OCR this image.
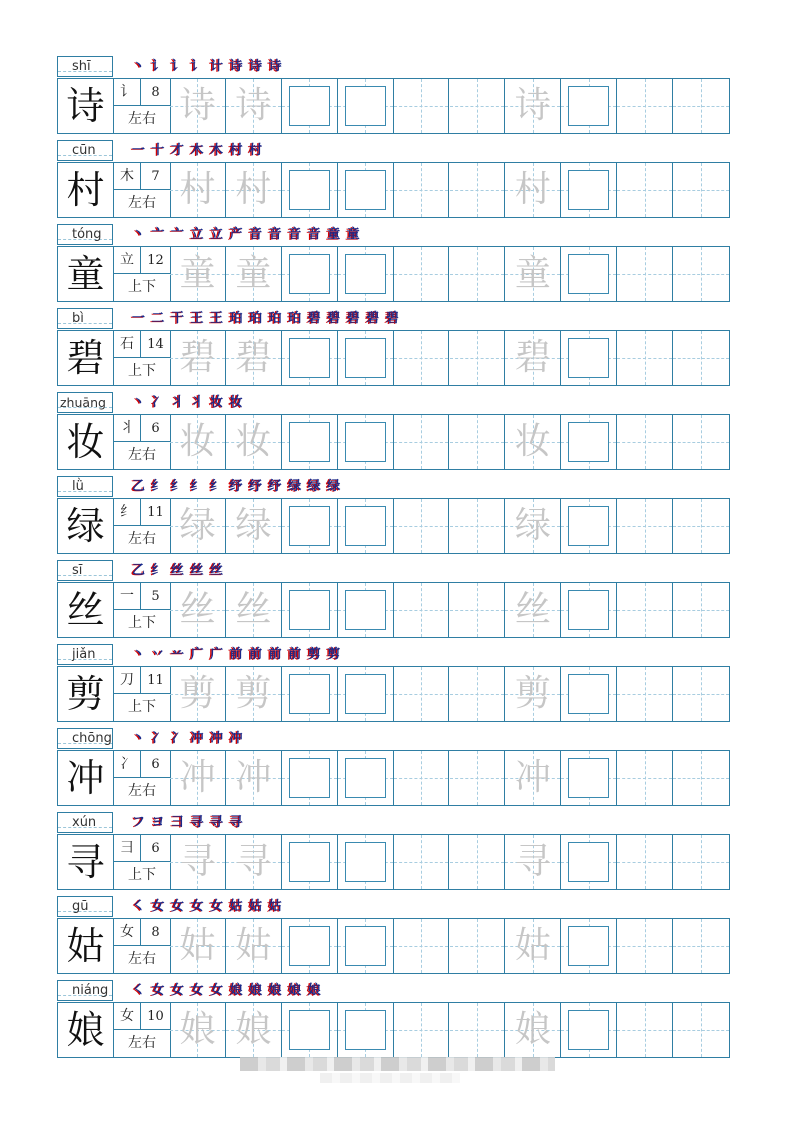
shī	丶 讠 讠 讠 计 诗 诗 诗
诗	讠	8
左右 诗 诗	诗
cūn	一 十 才 木 木 村 村
村	木	7
左右 村 村	村
tóng	丶 亠 亠 立 立 产 音 音 音 音 童 童
童	立	12
上下 童 童	童
bì	一 二 干 王 王 珀 珀 珀 珀 碧 碧 碧 碧 碧
碧	石	14
上下 碧 碧	碧
zhuāng	丶 冫 丬 丬 妆 妆
妆	丬	6
左右 妆 妆	妆
lǜ	乙 纟 纟 纟 纟 纾 纾 纾 绿 绿 绿
绿	纟	11
左右 绿 绿	绿
sī	乙 纟 丝 丝 丝
丝	一	5
上下 丝 丝	丝
jiǎn	丶 丷 䒑 广 广 前 前 前 前 剪 剪
剪	刀	11
上下 剪 剪	剪
chōng 丶 冫 冫 冲 冲 冲
冲	冫	6
左右 冲 冲	冲
xún	フ ヨ 彐 寻 寻 寻
寻	彐	6
上下 寻 寻	寻
gū	㇛ 女 女 女 女 姑 姑 姑
姑	女	8
左右 姑 姑	姑
niáng	㇛ 女 女 女 女 娘 娘 娘 娘 娘
娘	女	10
左右 娘 娘	娘
